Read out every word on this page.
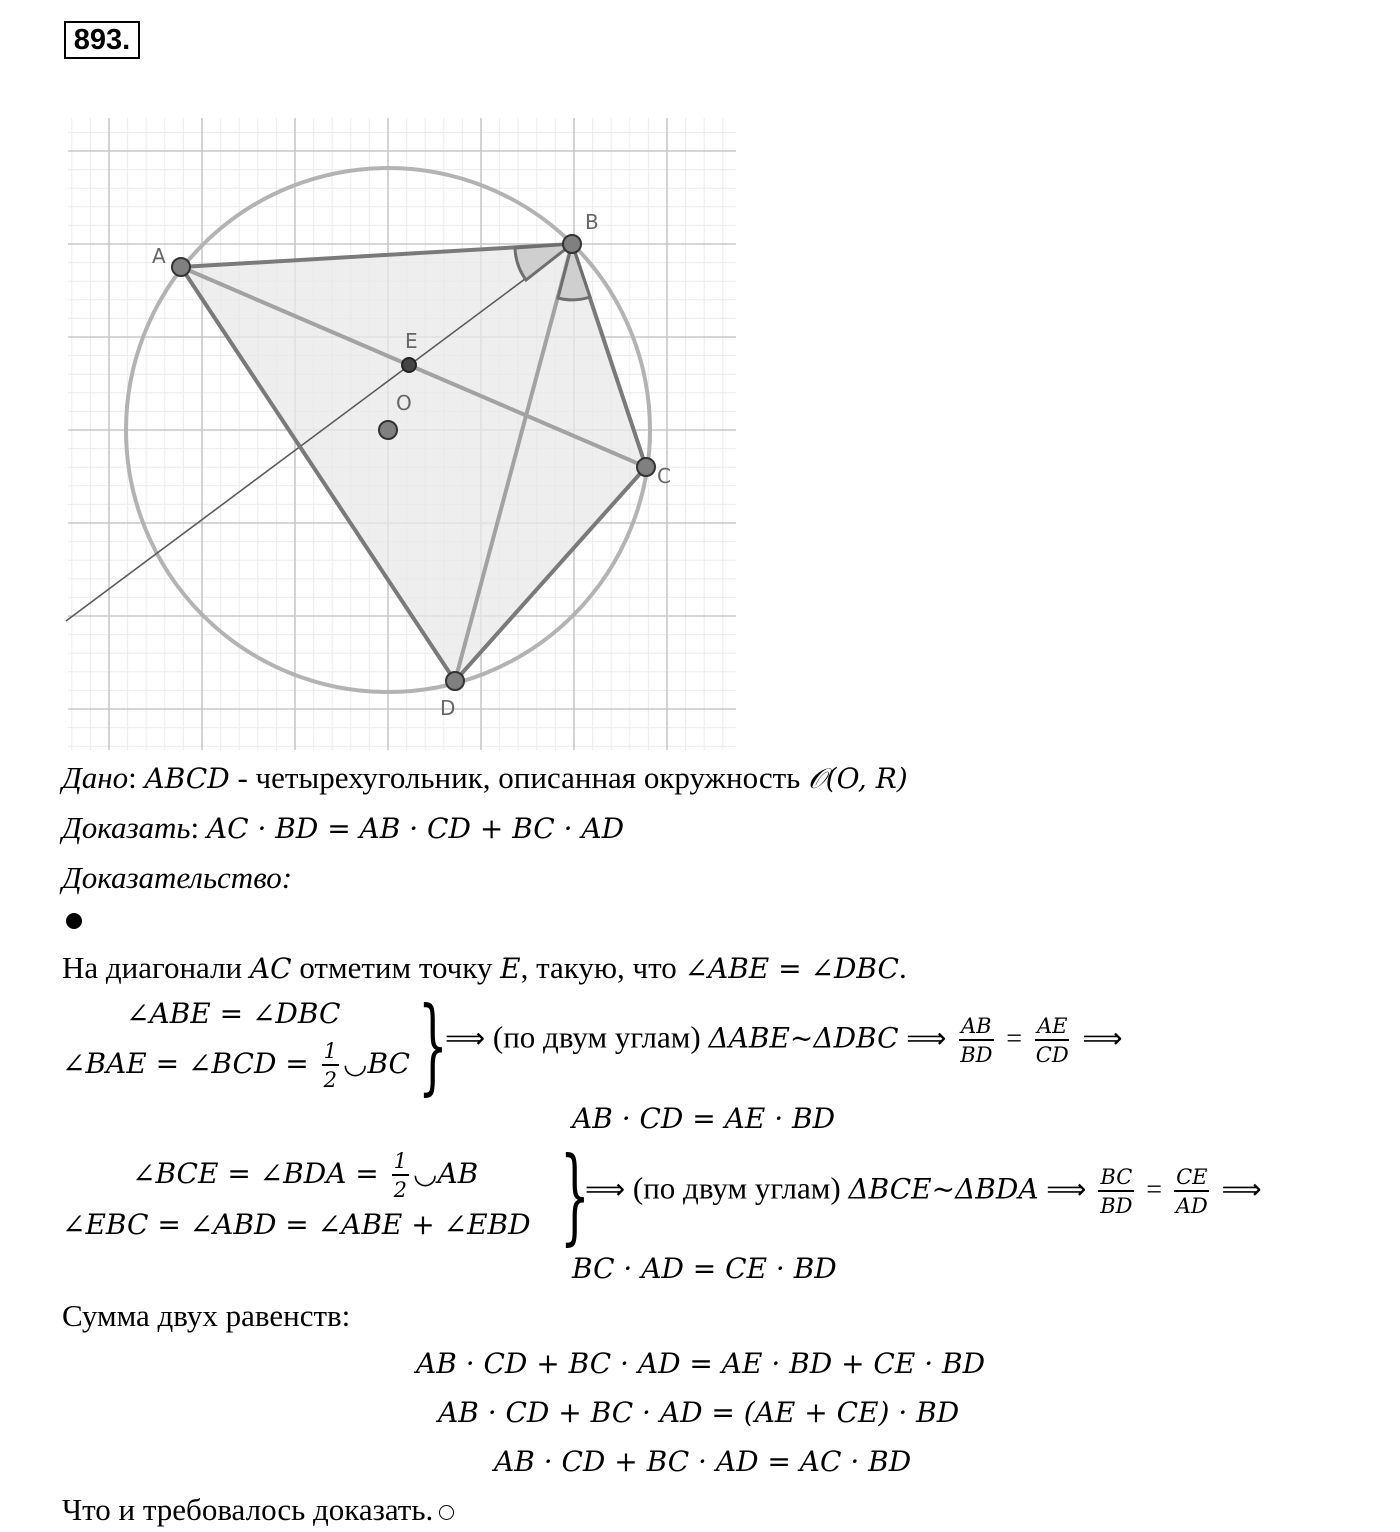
893.
A
B
C
D
E
O
Дано: ABCD - четырехугольник, описанная окружность 𝒪(O, R)
Доказать: AC · BD = AB · CD + BC · AD
Доказательство:
На диагонали AC отметим точку E, такую, что ∠ABE = ∠DBC.
∠ABE = ∠DBC
∠BAE = ∠BCD = $\frac{1}{2}$ ◡BC }
⟹ (по двум углам) ΔABE~ΔDBC ⟹ $\frac{AB}{BD} = \frac{AE}{CD}$ ⟹
AB · CD = AE · BD
∠BCE = ∠BDA = $\frac{1}{2}$ ◡AB
∠EBC = ∠ABD = ∠ABE + ∠EBD }
⟹ (по двум углам) ΔBCE~ΔBDA ⟹ $\frac{BC}{BD} = \frac{CE}{AD}$ ⟹
BC · AD = CE · BD
Сумма двух равенств:
AB · CD + BC · AD = AE · BD + CE · BD
AB · CD + BC · AD = (AE + CE) · BD
AB · CD + BC · AD = AC · BD
Что и требовалось доказать.
